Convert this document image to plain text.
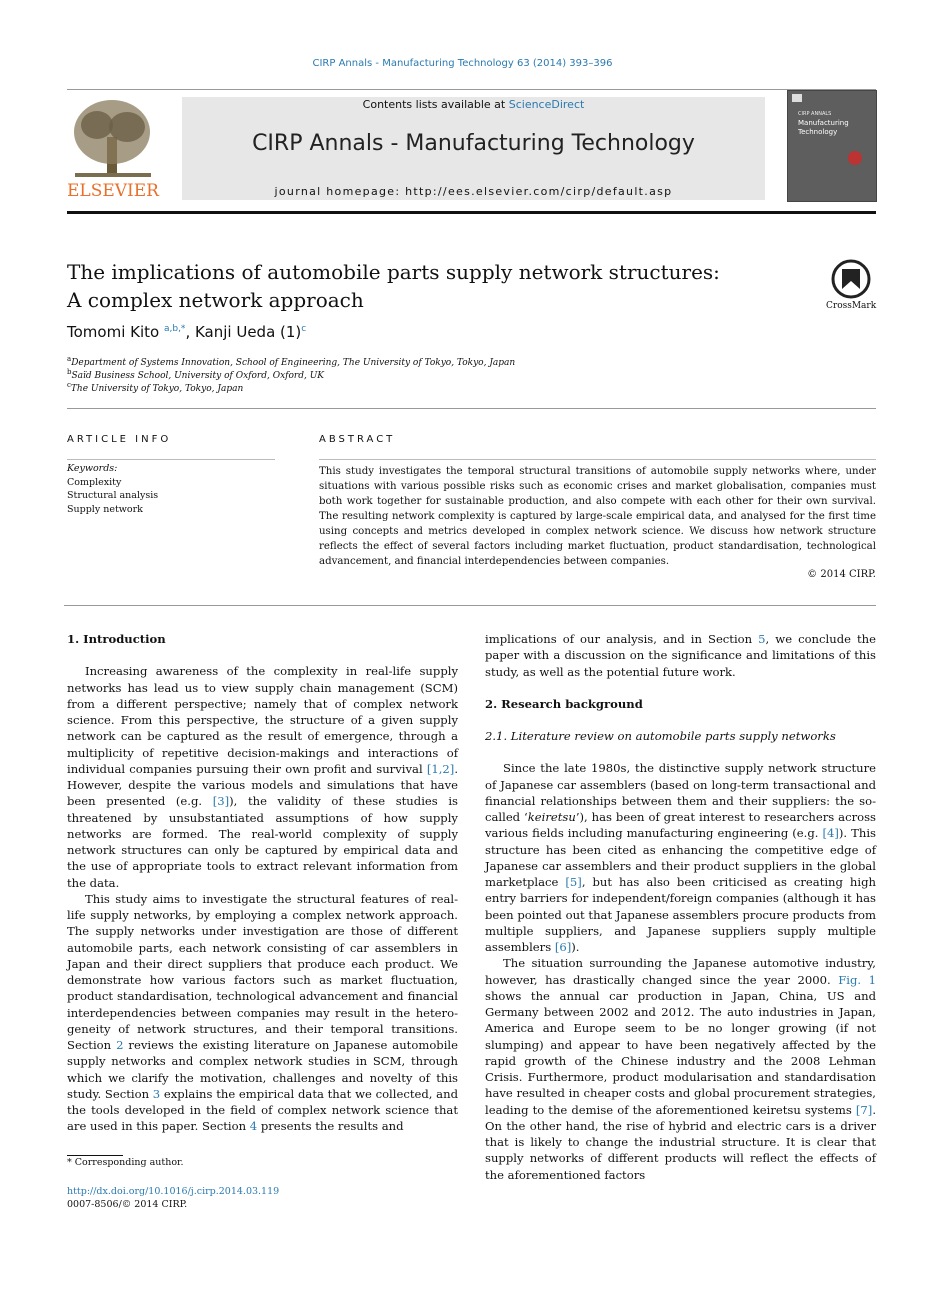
CIRP Annals - Manufacturing Technology 63 (2014) 393–396
ELSEVIER
Contents lists available at ScienceDirect
CIRP Annals - Manufacturing Technology
journal homepage: http://ees.elsevier.com/cirp/default.asp
CIRP ANNALS
Manufacturing
Technology
The implications of automobile parts supply network structures:
A complex network approach	CrossMark
Tomomi Kito $^{a,b,*}$, Kanji Ueda $(1)^c$
$^a$Department of Systems Innovation, School of Engineering, The University of Tokyo, Tokyo, Japan
$^b$Saïd Business School, University of Oxford, Oxford, UK
$^c$The University of Tokyo, Tokyo, Japan
ARTICLE INFO	ABSTRACT
Keywords:
Complexity
Structural analysis
Supply network
This study investigates the temporal structural transitions of automobile supply networks where, under situations with various possible risks such as economic crises and market globalisation, companies must both work together for sustainable production, and also compete with each other for their own survival. The resulting network complexity is captured by large-scale empirical data, and analysed for the first time using concepts and metrics developed in complex network science. We discuss how network structure reflects the effect of several factors including market fluctuation, product standardisation, technological advancement, and financial interdependencies between companies.
© 2014 CIRP.
1. Introduction

Increasing awareness of the complexity in real-life supply networks has lead us to view supply chain management (SCM) from a different perspective; namely that of complex network science. From this perspective, the structure of a given supply network can be captured as the result of emergence, through a multiplicity of repetitive decision-makings and interactions of individual companies pursuing their own profit and survival [1,2]. However, despite the various models and simulations that have been presented (e.g. [3]), the validity of these studies is threatened by unsubstantiated assumptions of how supply networks are formed. The real-world complexity of supply network structures can only be captured by empirical data and the use of appropriate tools to extract relevant information from the data.

This study aims to investigate the structural features of real-life supply networks, by employing a complex network approach. The supply networks under investigation are those of different automobile parts, each network consisting of car assemblers in Japan and their direct suppliers that produce each product. We demonstrate how various factors such as market fluctuation, product standardisation, technological advancement and financial interdependencies between companies may result in the heterogeneity of network structures, and their temporal transitions. Section 2 reviews the existing literature on Japanese automobile supply networks and complex network studies in SCM, through which we clarify the motivation, challenges and novelty of this study. Section 3 explains the empirical data that we collected, and the tools developed in the field of complex network science that are used in this paper. Section 4 presents the results and

implications of our analysis, and in Section 5, we conclude the paper with a discussion on the significance and limitations of this study, as well as the potential future work.

2. Research background
2.1. Literature review on automobile parts supply networks

Since the late 1980s, the distinctive supply network structure of Japanese car assemblers (based on long-term transactional and financial relationships between them and their suppliers: the so-called ‘keiretsu’), has been of great interest to researchers across various fields including manufacturing engineering (e.g. [4]). This structure has been cited as enhancing the competitive edge of Japanese car assemblers and their product suppliers in the global marketplace [5], but has also been criticised as creating high entry barriers for independent/foreign companies (although it has been pointed out that Japanese assemblers procure products from multiple suppliers, and Japanese suppliers supply multiple assemblers [6]).

The situation surrounding the Japanese automotive industry, however, has drastically changed since the year 2000. Fig. 1 shows the annual car production in Japan, China, US and Germany between 2002 and 2012. The auto industries in Japan, America and Europe seem to be no longer growing (if not slumping) and appear to have been negatively affected by the rapid growth of the Chinese industry and the 2008 Lehman Crisis. Furthermore, product modularisation and standardisation have resulted in cheaper costs and global procurement strategies, leading to the demise of the aforementioned keiretsu systems [7]. On the other hand, the rise of hybrid and electric cars is a driver that is likely to change the industrial structure. It is clear that supply networks of different products will reflect the effects of the aforementioned factors

* Corresponding author.
http://dx.doi.org/10.1016/j.cirp.2014.03.119
0007-8506/© 2014 CIRP.
